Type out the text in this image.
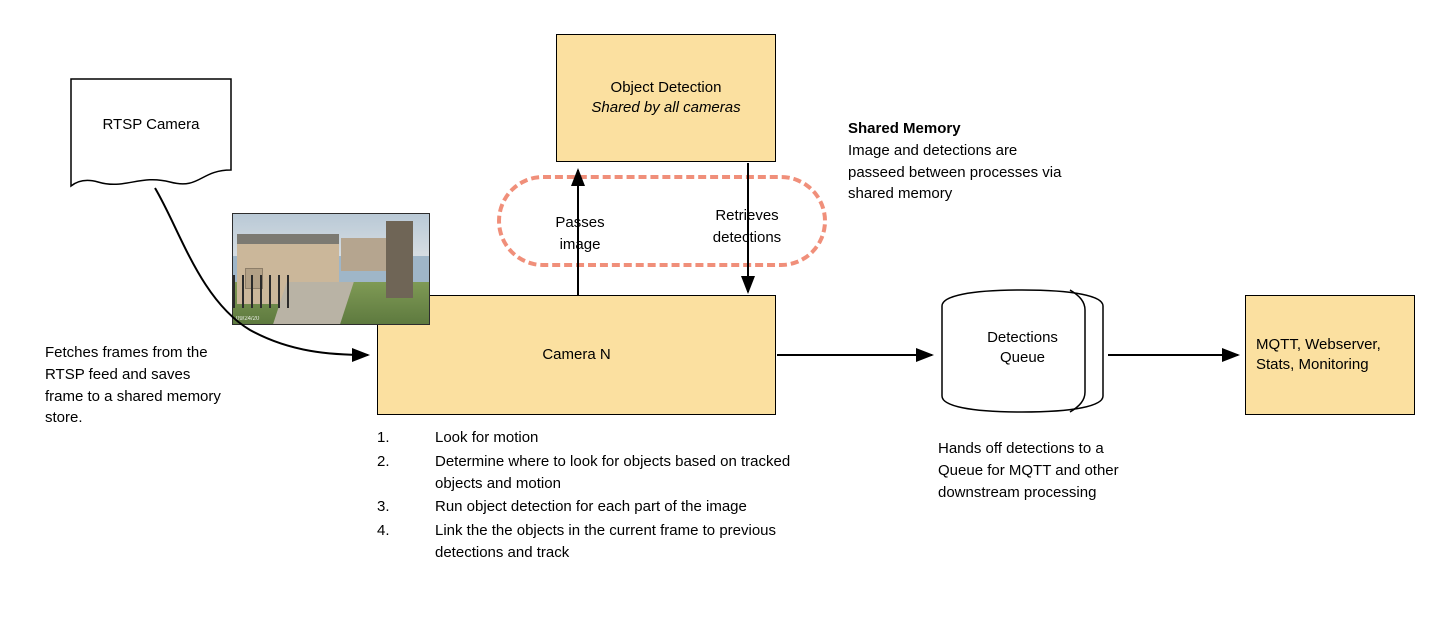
RTSP Camera
Object Detection
Shared by all cameras
Camera N
Detections
Queue
MQTT, Webserver,
Stats, Monitoring
09/24/20
Passes
image
Retrieves
detections
Shared Memory
Image and detections are passeed between processes via shared memory
Fetches frames from the RTSP feed and saves frame to a shared memory store.
Hands off detections to a Queue for MQTT and other downstream processing
1.	Look for motion
2.	Determine where to look for objects based on tracked objects and motion
3.	Run object detection for each part of the image
4.	Link the the objects in the current frame to previous detections and track
